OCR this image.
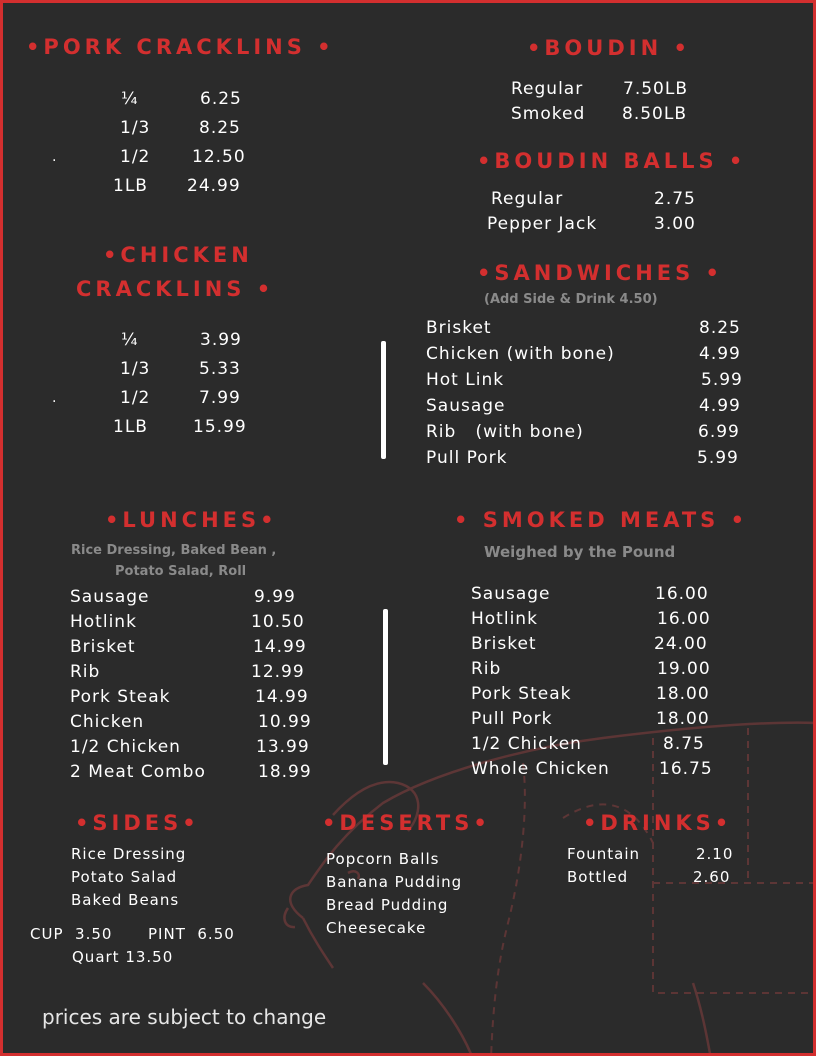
•PORK CRACKLINS •
¼	6.25
1/3	8.25
.	1/2 12.50
1LB 24.99
•CHICKEN
CRACKLINS •
¼	3.99
1/3	5.33
.	1/2	7.99
1LB	15.99
•BOUDIN •
Regular 7.50LB
Smoked 8.50LB
•BOUDIN BALLS •
Regular	2.75
Pepper Jack	3.00
•SANDWICHES •
(Add Side & Drink 4.50)
Brisket	8.25
Chicken (with bone)	4.99
Hot Link	5.99
Sausage	4.99
Rib   (with bone)	6.99
Pull Pork	5.99
•LUNCHES•
Rice Dressing, Baked Bean ,
Potato Salad, Roll
Sausage	9.99
Hotlink	10.50
Brisket	14.99
Rib	12.99
Pork Steak	14.99
Chicken	10.99
1/2 Chicken	13.99
2 Meat Combo	18.99
• SMOKED MEATS •
Weighed by the Pound
Sausage	16.00
Hotlink	16.00
Brisket	24.00
Rib	19.00
Pork Steak	18.00
Pull Pork	18.00
1/2 Chicken	8.75
Whole Chicken	16.75
•SIDES•
Rice Dressing
Potato Salad
Baked Beans
CUP  3.50 PINT  6.50
Quart 13.50
•DESERTS•
Popcorn Balls
Banana Pudding
Bread Pudding
Cheesecake
•DRINKS•
Fountain	2.10
Bottled	2.60
prices are subject to change
